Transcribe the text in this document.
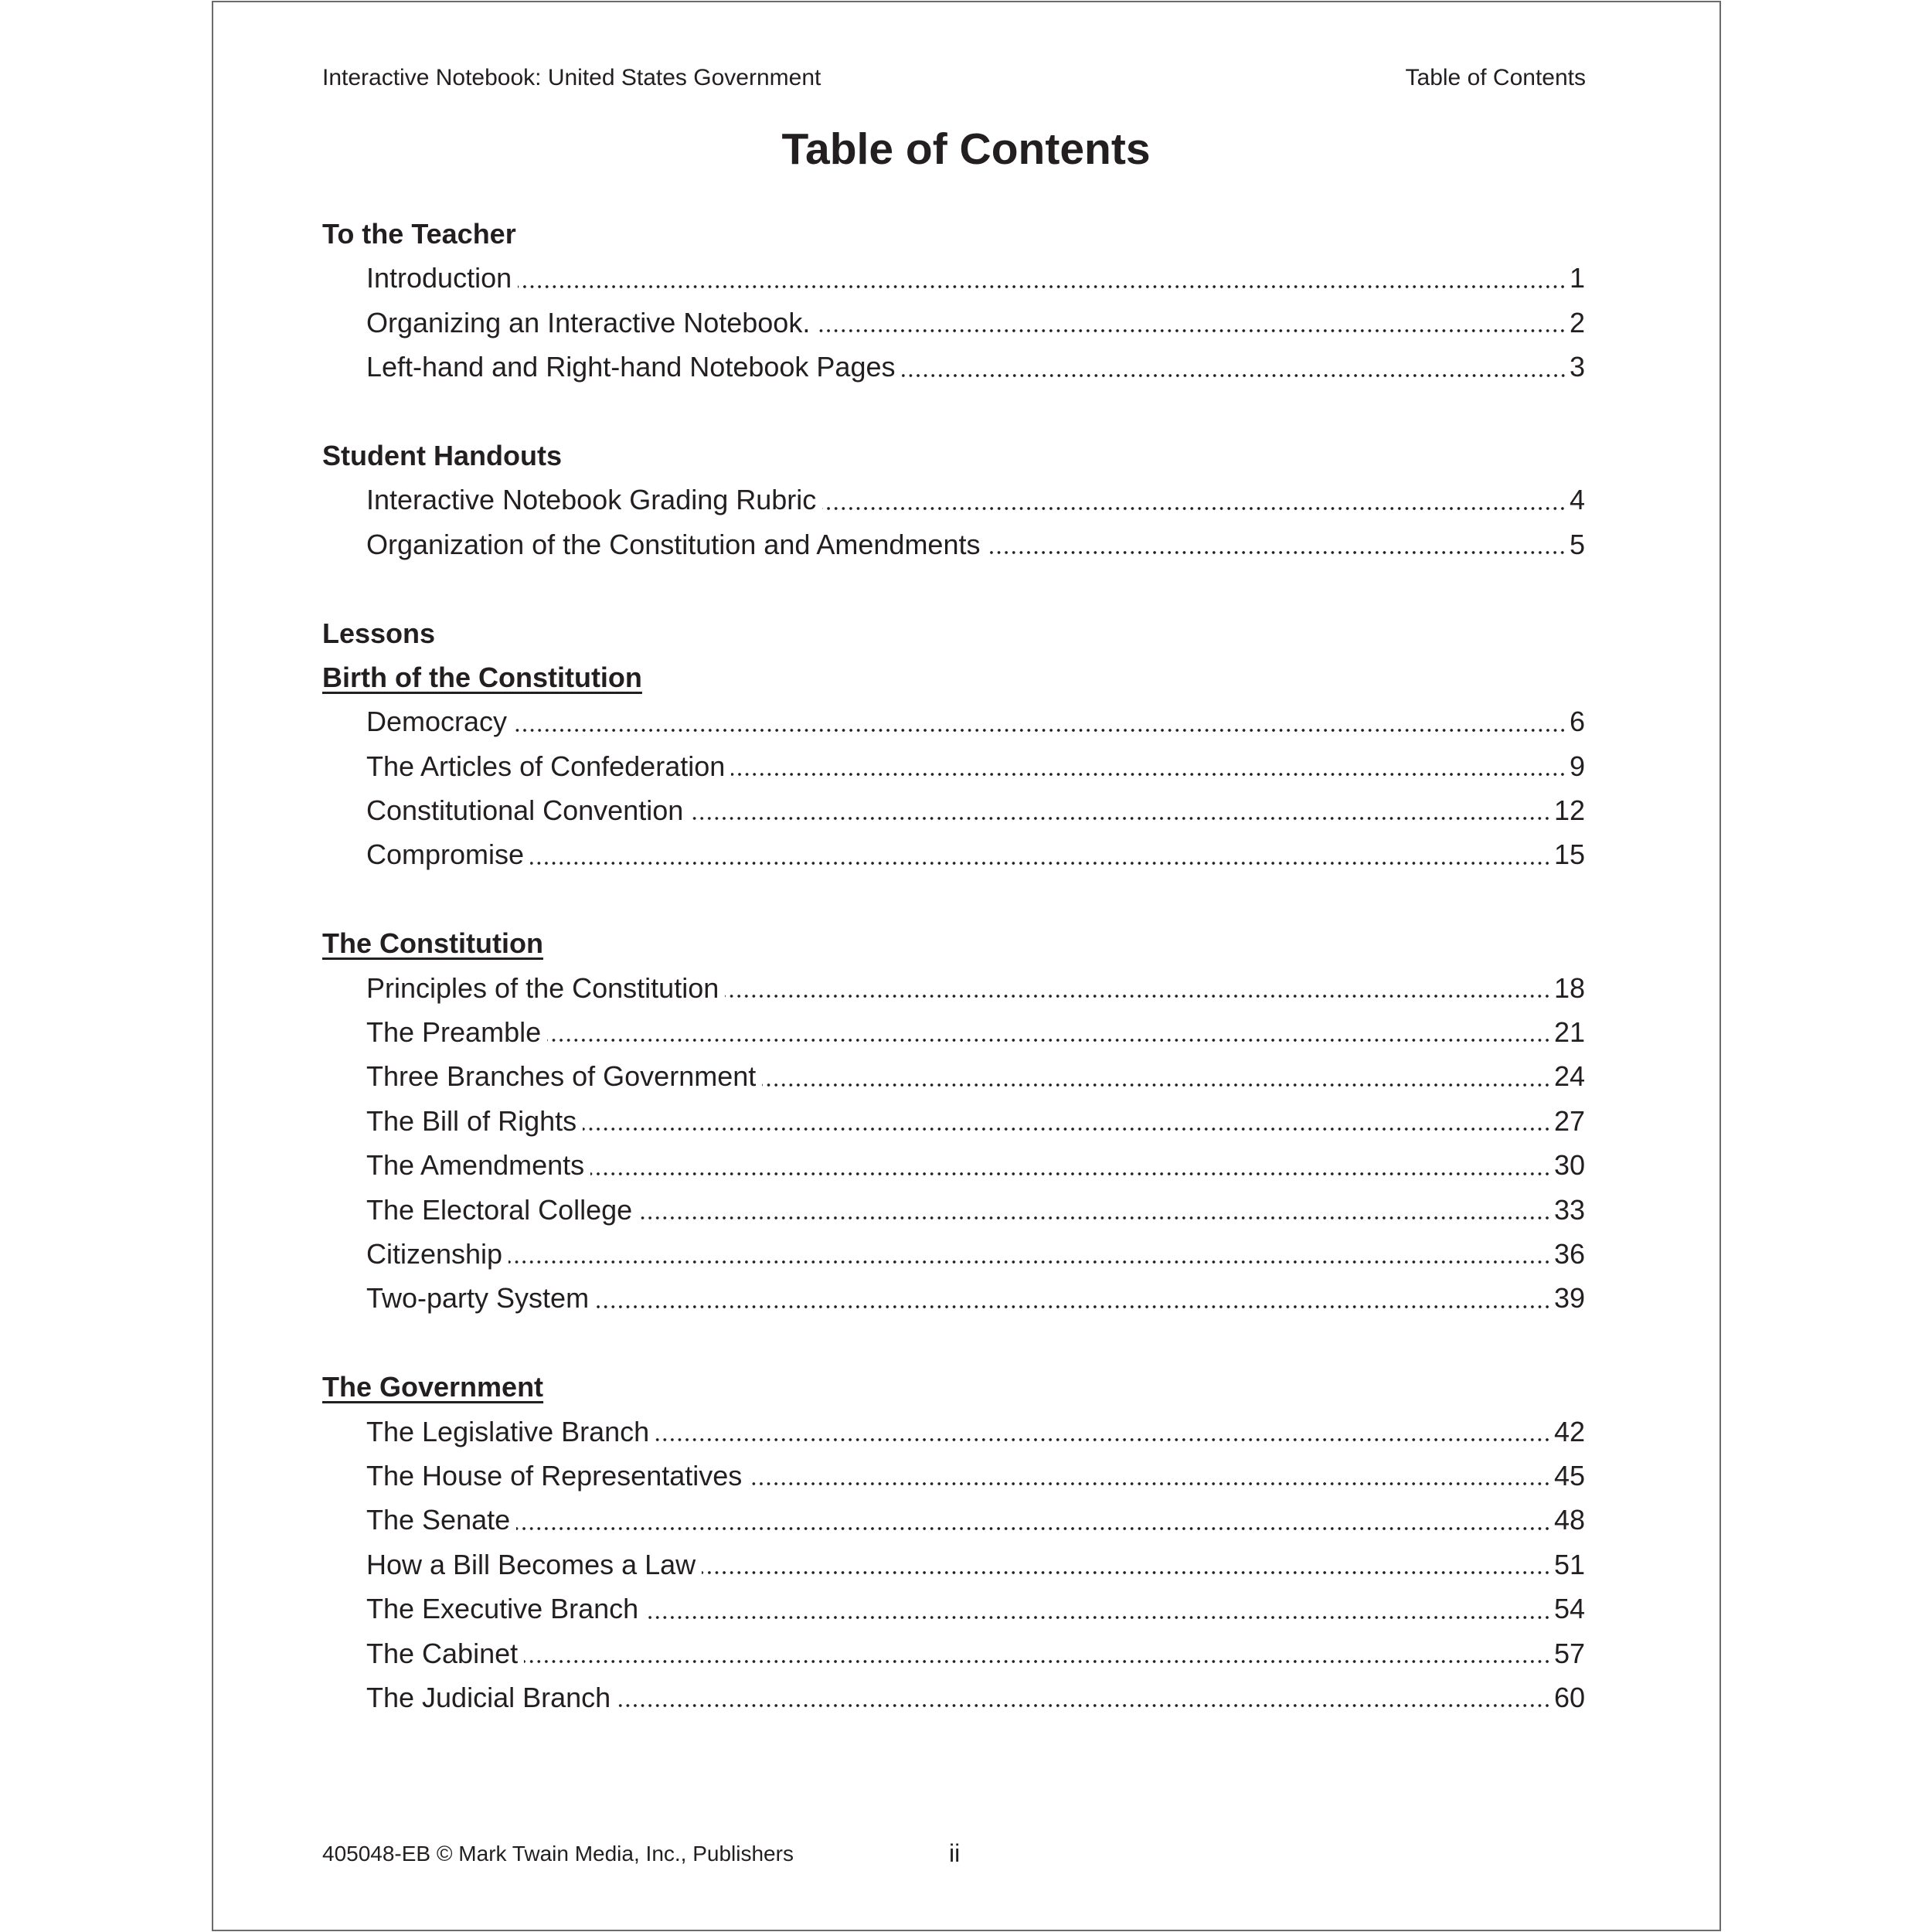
Interactive Notebook: United States Government	Table of Contents
Table of Contents
To the Teacher
Introduction	1
Organizing an Interactive Notebook.	2
Left-hand and Right-hand Notebook Pages	3
Student Handouts
Interactive Notebook Grading Rubric	4
Organization of the Constitution and Amendments	5
Lessons
Birth of the Constitution
Democracy	6
The Articles of Confederation	9
Constitutional Convention	12
Compromise	15
The Constitution
Principles of the Constitution	18
The Preamble	21
Three Branches of Government	24
The Bill of Rights	27
The Amendments	30
The Electoral College	33
Citizenship	36
Two-party System	39
The Government
The Legislative Branch	42
The House of Representatives	45
The Senate	48
How a Bill Becomes a Law	51
The Executive Branch	54
The Cabinet	57
The Judicial Branch	60
405048-EB © Mark Twain Media, Inc., Publishers	ii
